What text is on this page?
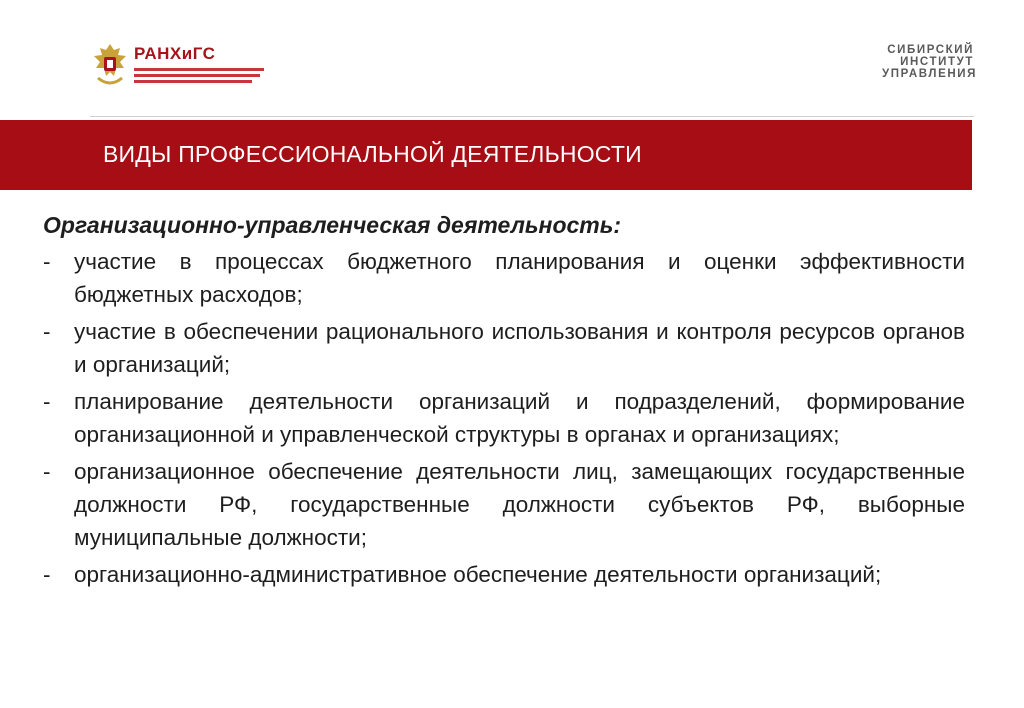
РАНХиГС	СИБИРСКИЙ
ИНСТИТУТ
УПРАВЛЕНИЯ
ВИДЫ ПРОФЕССИОНАЛЬНОЙ ДЕЯТЕЛЬНОСТИ
Организационно-управленческая деятельность:
- участие в процессах бюджетного планирования и оценки эффективности бюджетных расходов;
- участие в обеспечении рационального использования и контроля ресурсов органов и организаций;
- планирование деятельности организаций и подразделений, формирование организационной и управленческой структуры в органах и организациях;
- организационное обеспечение деятельности лиц, замещающих государственные должности РФ, государственные должности субъектов РФ, выборные муниципальные должности;
- организационно-административное обеспечение деятельности организаций;
